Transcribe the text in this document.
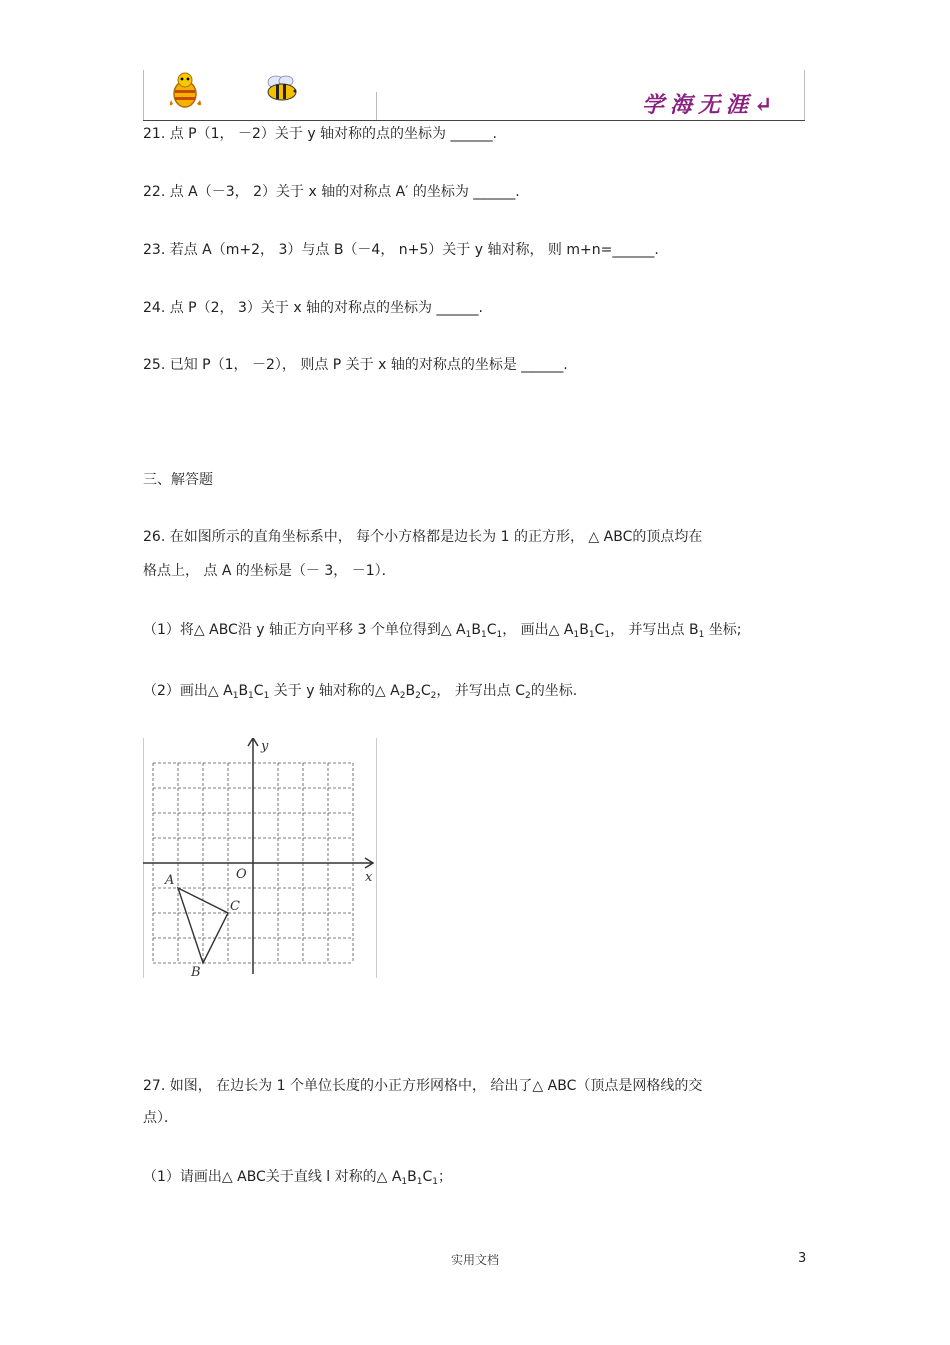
学海无涯↵
21. 点 P（1， －2）关于 y 轴对称的点的坐标为 ______.
22. 点 A（－3， 2）关于 x 轴的对称点 A′ 的坐标为 ______.
23. 若点 A（m+2， 3）与点 B（－4， n+5）关于 y 轴对称， 则 m+n=______.
24. 点 P（2， 3）关于 x 轴的对称点的坐标为 ______.
25. 已知 P（1， －2）， 则点 P 关于 x 轴的对称点的坐标是 ______.
三、解答题
26. 在如图所示的直角坐标系中， 每个小方格都是边长为 1 的正方形， △ ABC的顶点均在
格点上， 点 A 的坐标是（－ 3， －1）．
（1）将△ ABC沿 y 轴正方向平移 3 个单位得到△ $A_1B_1C_1$， 画出△ $A_1B_1C_1$， 并写出点 $B_1$ 坐标;
（2）画出△ $A_1B_1C_1$ 关于 y 轴对称的△ $A_2B_2C_2$， 并写出点 $C_2$的坐标.
x
y
O
A
B
C
27. 如图， 在边长为 1 个单位长度的小正方形网格中， 给出了△ ABC（顶点是网格线的交
点）．
（1）请画出△ ABC关于直线 l 对称的△ $A_1B_1C_1$；
实用文档	3
